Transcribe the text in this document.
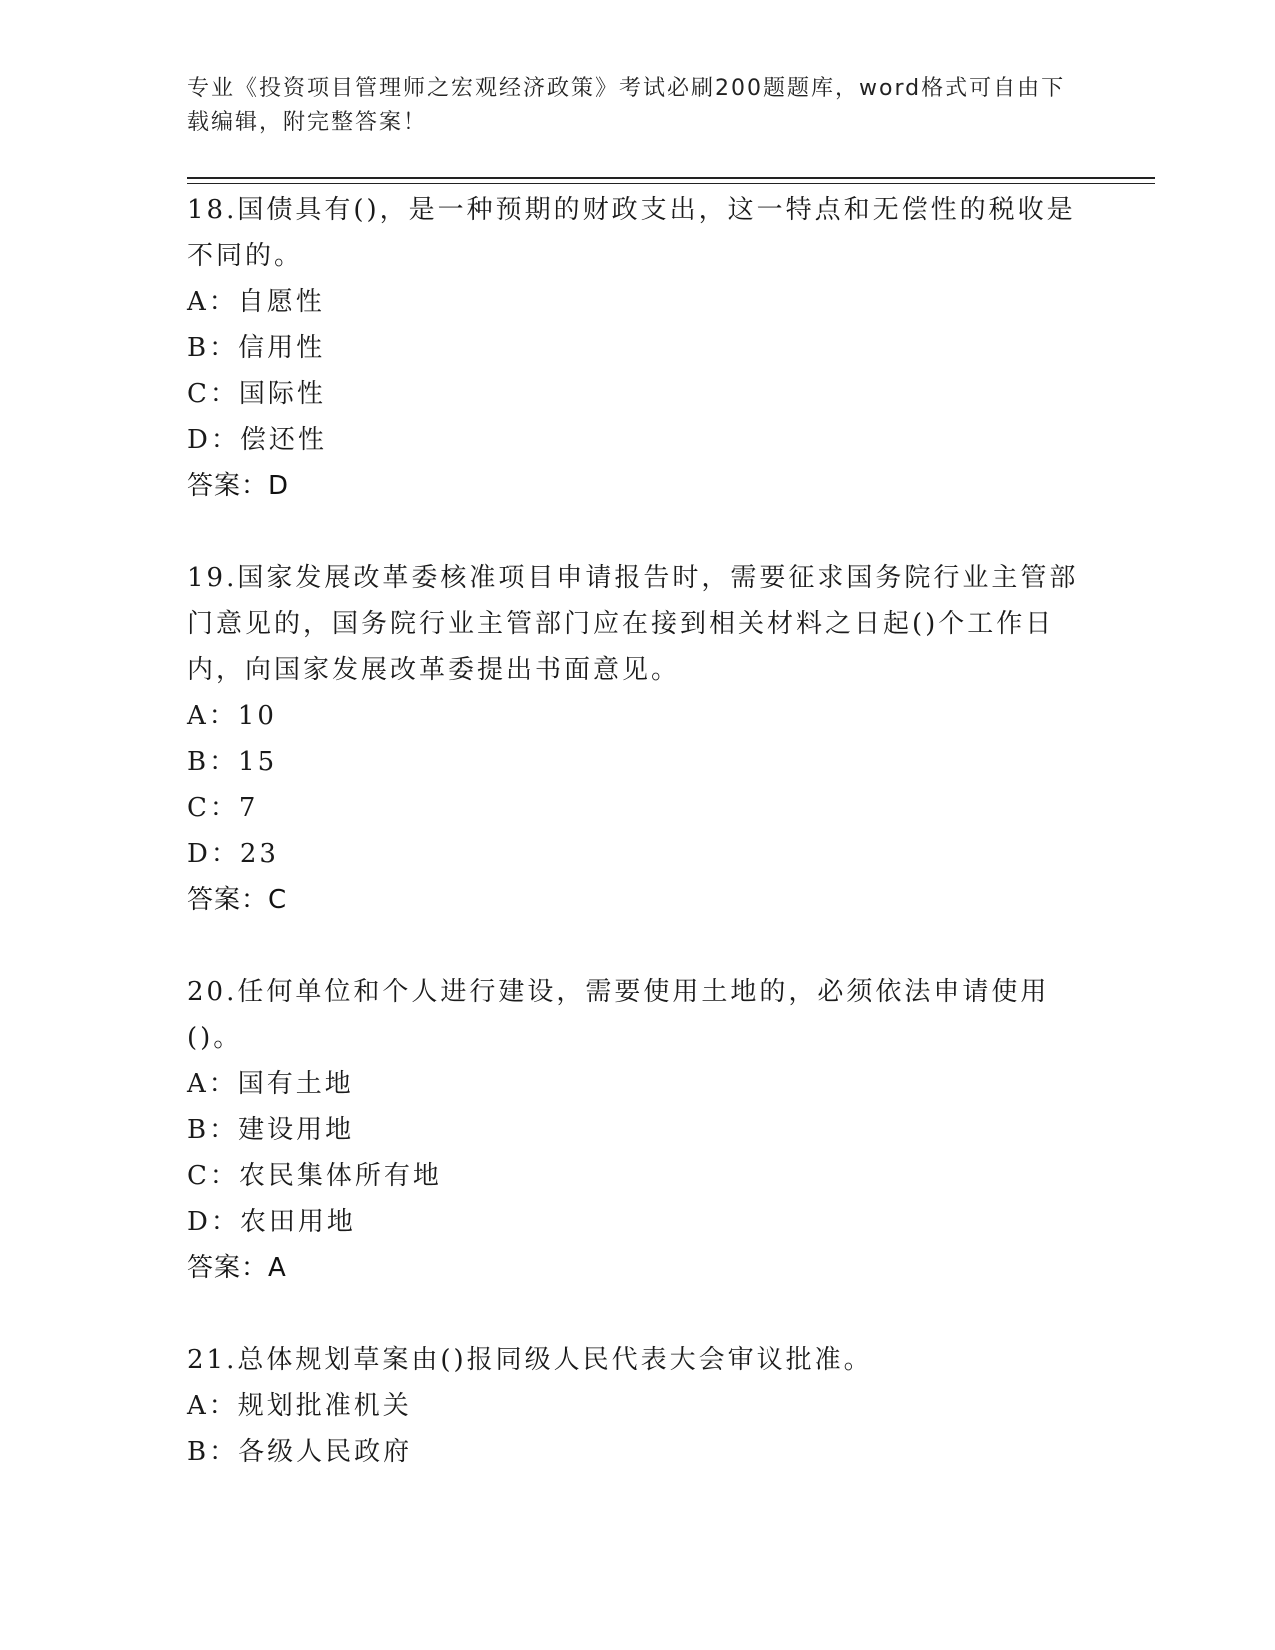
专业《投资项目管理师之宏观经济政策》考试必刷200题题库，word格式可自由下载编辑，附完整答案！
18.国债具有()，是一种预期的财政支出，这一特点和无偿性的税收是不同的。
A：自愿性
B：信用性
C：国际性
D：偿还性
答案：D
19.国家发展改革委核准项目申请报告时，需要征求国务院行业主管部门意见的，国务院行业主管部门应在接到相关材料之日起()个工作日内，向国家发展改革委提出书面意见。
A：10
B：15
C：7
D：23
答案：C
20.任何单位和个人进行建设，需要使用土地的，必须依法申请使用()。
A：国有土地
B：建设用地
C：农民集体所有地
D：农田用地
答案：A
21.总体规划草案由()报同级人民代表大会审议批准。
A：规划批准机关
B：各级人民政府
